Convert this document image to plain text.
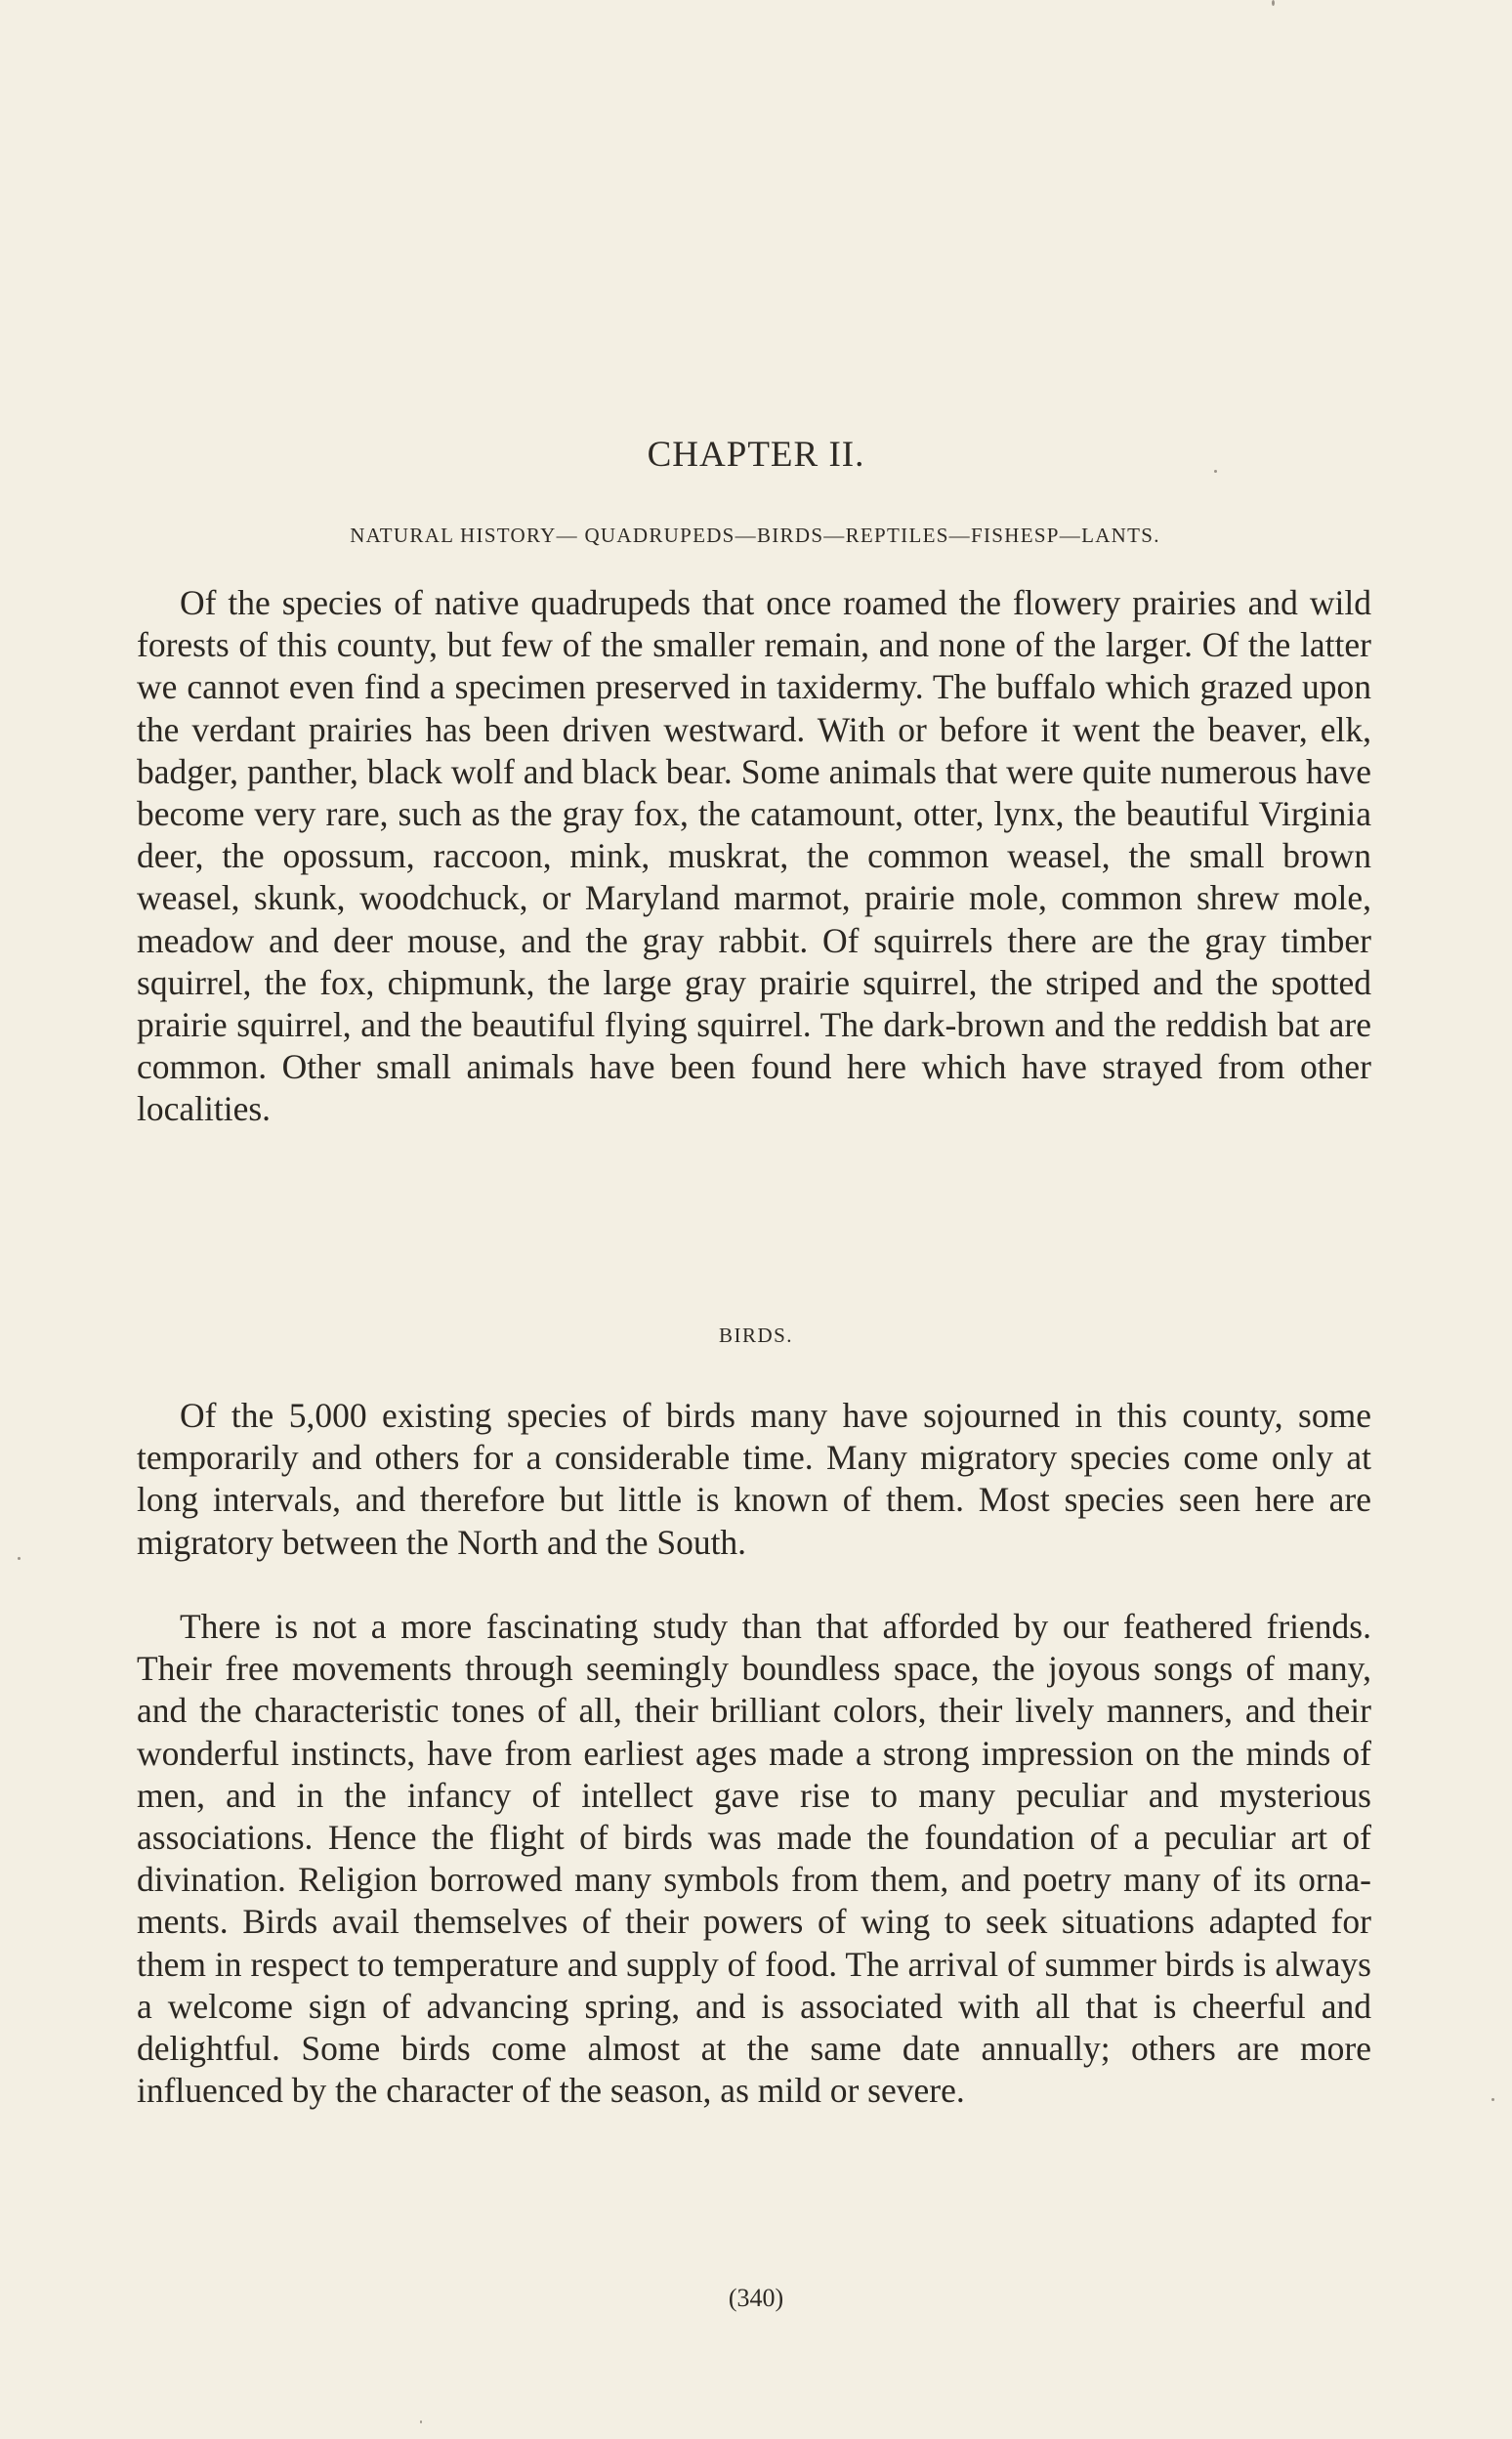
CHAPTER II.
NATURAL HISTORY— QUADRUPEDS—BIRDS—REPTILES—FISHESP—LANTS.

Of the species of native quadrupeds that once roamed the flowery prairies and wild forests of this county, but few of the smaller remain, and none of the larger. Of the latter we cannot even find a specimen preserved in taxidermy. The buffalo which grazed upon the verdant prairies has been driven westward. With or before it went the beaver, elk, badger, panther, black wolf and black bear. Some animals that were quite numerous have become very rare, such as the gray fox, the catamount, otter, lynx, the beautiful Virginia deer, the opossum, raccoon, mink, muskrat, the common weasel, the small brown weasel, skunk, woodchuck, or Maryland marmot, prairie mole, common shrew mole, meadow and deer mouse, and the gray rabbit. Of squirrels there are the gray timber squirrel, the fox, chipmunk, the large gray prairie squirrel, the striped and the spotted prairie squirrel, and the beautiful flying squirrel. The dark-brown and the reddish bat are common. Other small animals have been found here which have strayed from other localities.

BIRDS.

Of the 5,000 existing species of birds many have sojourned in this county, some temporarily and others for a considerable time. Many migratory species come only at long intervals, and therefore but little is known of them. Most species seen here are migratory between the North and the South.

There is not a more fascinating study than that afforded by our feathered friends. Their free movements through seemingly boundless space, the joyous songs of many, and the characteristic tones of all, their brilliant colors, their lively manners, and their wonderful instincts, have from earliest ages made a strong impression on the minds of men, and in the infancy of intellect gave rise to many peculiar and mysterious associations. Hence the flight of birds was made the foundation of a peculiar art of divination. Religion borrowed many symbols from them, and poetry many of its ornaments. Birds avail themselves of their powers of wing to seek situations adapted for them in respect to temperature and supply of food. The arrival of summer birds is always a welcome sign of advancing spring, and is associated with all that is cheerful and delightful. Some birds come almost at the same date annually; others are more influenced by the character of the season, as mild or severe.

(340)
